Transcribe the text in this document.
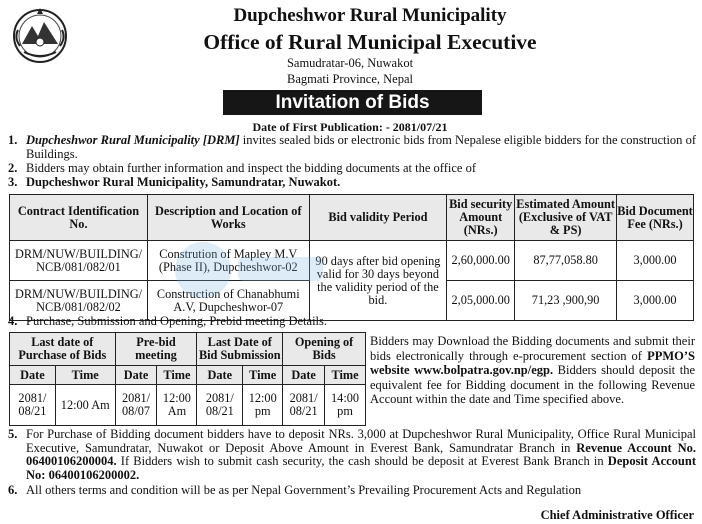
Dupcheshwor Rural Municipality
Office of Rural Municipal Executive
Samudratar-06, Nuwakot
Bagmati Province, Nepal
Invitation of Bids
Date of First Publication: - 2081/07/21
1. Dupcheshwor Rural Municipality [DRM] invites sealed bids or electronic bids from Nepalese eligible bidders for the construction of Buildings.
2. Bidders may obtain further information and inspect the bidding documents at the office of
3. Dupcheshwor Rural Municipality, Samundratar, Nuwakot.
Contract Identification No.	Description and Location of Works	Bid validity Period	Bid security Amount (NRs.)	Estimated Amount (Exclusive of VAT & PS)	Bid Document Fee (NRs.)
DRM/NUW/BUILDING/ NCB/081/082/01	Constrution of Mapley M.V (Phase II), Dupcheshwor-02	90 days after bid opening valid for 30 days beyond the validity period of the bid.	2,60,000.00	87,77,058.80	3,000.00
DRM/NUW/BUILDING/ NCB/081/082/02	Construction of Chanabhumi A.V, Dupcheshwor-07		2,05,000.00	71,23 ,900,90	3,000.00
4. Purchase, Submission and Opening, Prebid meeting Details.
Last date of Purchase of Bids		Pre-bid meeting		Last Date of Bid Submission		Opening of Bids	
Date	Time	Date	Time	Date	Time	Date	Time
2081/ 08/21	12:00 Am	2081/ 08/07	12:00 Am	2081/ 08/21	12:00 pm	2081/ 08/21	14:00 pm
Bidders may Download the Bidding documents and submit their bids electronically through e-procurement section of PPMO’S website www.bolpatra.gov.np/egp. Bidders should deposit the equivalent fee for Bidding document in the following Revenue Account within the date and Time specified above.
5. For Purchase of Bidding document bidders have to deposit NRs. 3,000 at Dupcheshwor Rural Municipality, Office Rural Municipal Executive, Samundratar, Nuwakot or Deposit Above Amount in Everest Bank, Samundratar Branch in Revenue Account No. 06400106200004. If Bidders wish to submit cash security, the cash should be deposit at Everest Bank Branch in Deposit Account No: 06400106200002.
6. All others terms and condition will be as per Nepal Government’s Prevailing Procurement Acts and Regulation
Chief Administrative Officer
